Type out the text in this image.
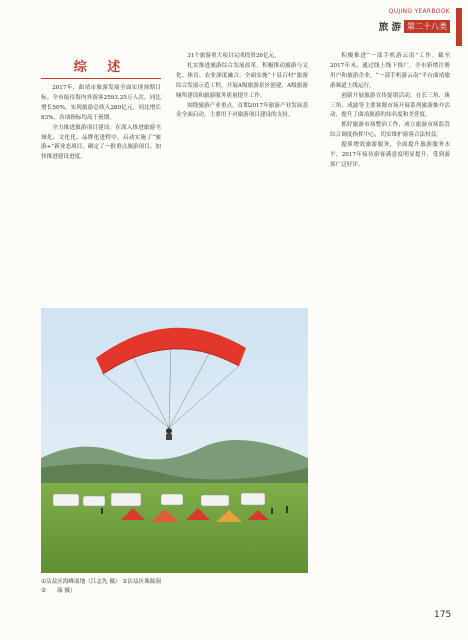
QUJING YEARBOOK
旅 游 第二十八类
综 述

2017年，曲靖市旅游发展全面实现预期目标。全市接待海内外游客2593.25万人次，同比增长50%，实现旅游总收入280亿元，同比增长83%，各项指标均高于预期。

全力推进旅游项目建设。在深入推进旅游全域化、文化化、品牌化进程中，启动实施了“旅游+”新业态项目，确定了一批重点旅游项目，加快推进建设进度。

31个旅游重大项目完成投资26亿元。

扎实推进旅游综合发展改革，积极推动旅游与文化、体育、农业深度融合。全面实施“十县百村”旅游综合发展示范工程，开展A级旅游景区创建、A级旅游厕所建设和旅游服务质量提升工作。

围绕旅游产业重点，首期2017年旅游产业发展基金全面启动，主要用于对旅游项目建设的支持。

积极推进“一部手机游云南”工作。截至2017年末，通过线上线下推广，全市新增注册用户和旅游企业，“一部手机游云南”平台曲靖旅游频道上线运行。

创新开展旅游宣传促销活动，在长三角、珠三角、成渝等主要客源市场开展系列旅游推介活动，提升了曲靖旅游的知名度和美誉度。

抓好旅游市场整治工作，成立旅游市场监管综合调度指挥中心，切实维护游客合法权益。

提质增效旅游服务，全面提升旅游服务水平，2017年接待游客满意度明显提升，受到游客广泛好评。

①沾益区海峰湿地（江志先 摄） ②沾益区珠源洞
②	瑞 摄）
175
